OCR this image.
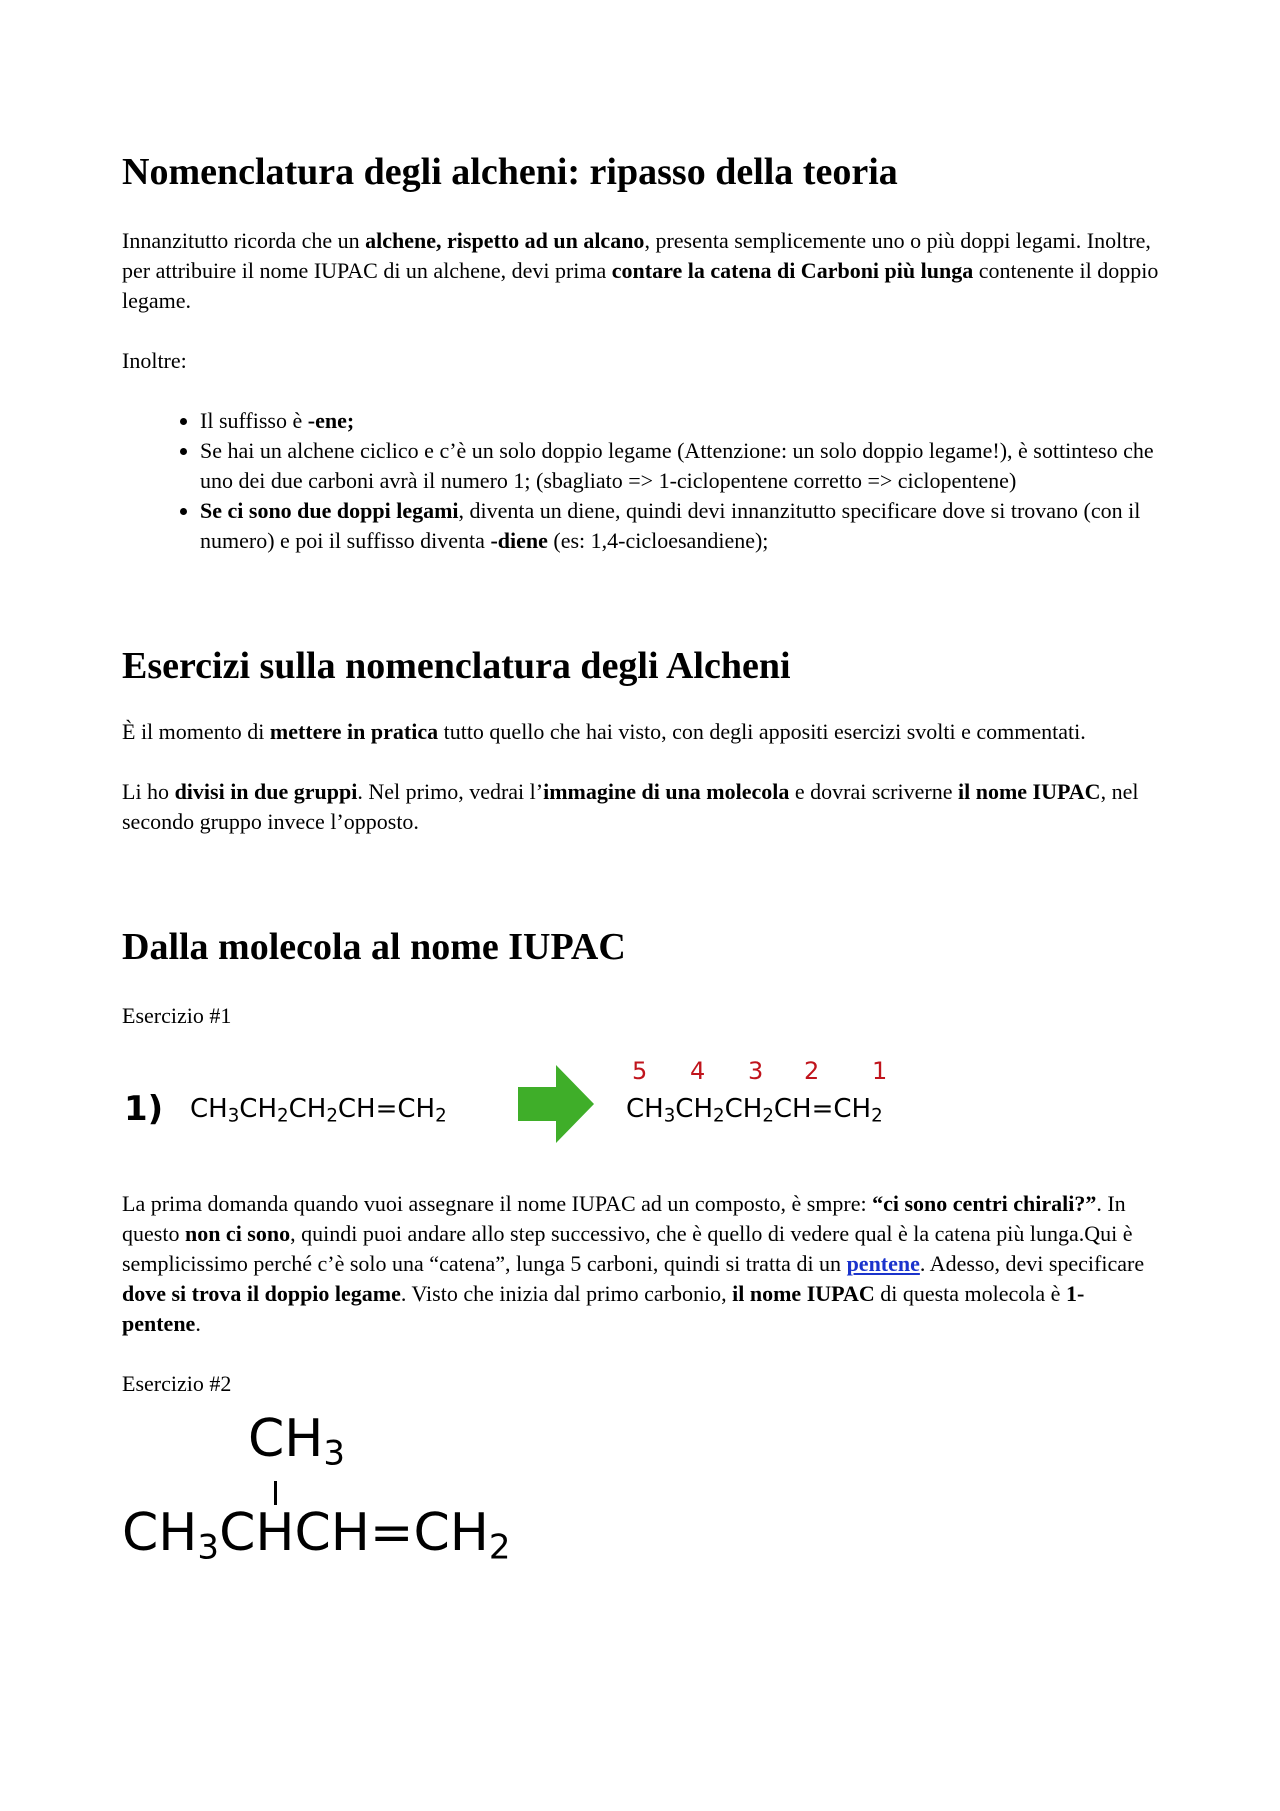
Nomenclatura degli alcheni: ripasso della teoria

Innanzitutto ricorda che un alchene, rispetto ad un alcano, presenta semplicemente uno o più doppi legami. Inoltre, per attribuire il nome IUPAC di un alchene, devi prima contare la catena di Carboni più lunga contenente il doppio legame.

Inoltre:

• Il suffisso è -ene;
• Se hai un alchene ciclico e c’è un solo doppio legame (Attenzione: un solo doppio legame!), è sottinteso che uno dei due carboni avrà il numero 1; (sbagliato => 1-ciclopentene corretto => ciclopentene)
• Se ci sono due doppi legami, diventa un diene, quindi devi innanzitutto specificare dove si trovano (con il numero) e poi il suffisso diventa -diene (es: 1,4-cicloesandiene);
Esercizi sulla nomenclatura degli Alcheni

È il momento di mettere in pratica tutto quello che hai visto, con degli appositi esercizi svolti e commentati.

Li ho divisi in due gruppi. Nel primo, vedrai l’immagine di una molecola e dovrai scriverne il nome IUPAC, nel secondo gruppo invece l’opposto.

Dalla molecola al nome IUPAC

Esercizio #1

1) $CH_3CH_2CH_2CH=CH_2$
5 4 3 2 1
$CH_3CH_2CH_2CH=CH_2$

La prima domanda quando vuoi assegnare il nome IUPAC ad un composto, è smpre: “ci sono centri chirali?”. In questo non ci sono, quindi puoi andare allo step successivo, che è quello di vedere qual è la catena più lunga.Qui è semplicissimo perché c’è solo una “catena”, lunga 5 carboni, quindi si tratta di un pentene. Adesso, devi specificare dove si trova il doppio legame. Visto che inizia dal primo carbonio, il nome IUPAC di questa molecola è 1-pentene.

Esercizio #2

$CH_3$
$CH_3CHCH=CH_2$
